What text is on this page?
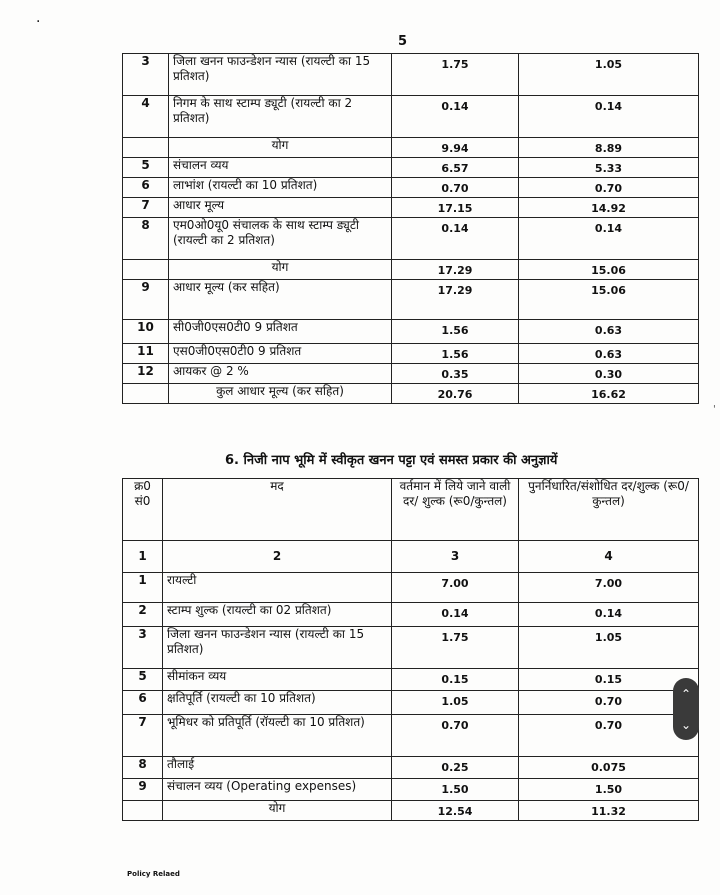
·
5
3	जिला खनन फाउन्डेशन न्यास (रायल्टी का 15 प्रतिशत)	1.75	1.05
4	निगम के साथ स्टाम्प ड्यूटी (रायल्टी का 2 प्रतिशत)	0.14	0.14
	योग	9.94	8.89
5	संचालन व्यय	6.57	5.33
6	लाभांश (रायल्टी का 10 प्रतिशत)	0.70	0.70
7	आधार मूल्य	17.15	14.92
8	एम0ओ0यू0 संचालक के साथ स्टाम्प ड्यूटी (रायल्टी का 2 प्रतिशत)	0.14	0.14
	योग	17.29	15.06
9	आधार मूल्य (कर सहित)	17.29	15.06
10	सी0जी0एस0टी0 9 प्रतिशत	1.56	0.63
11	एस0जी0एस0टी0 9 प्रतिशत	1.56	0.63
12	आयकर @ 2 %	0.35	0.30
	कुल आधार मूल्य (कर सहित)	20.76	16.62
6. निजी नाप भूमि में स्वीकृत खनन पट्टा एवं समस्त प्रकार की अनुज्ञायें
क्र0 सं0	मद	वर्तमान में लिये जाने वाली दर/ शुल्क (रू0/कुन्तल)	पुनर्निधारित/संशोधित दर/शुल्क (रू0/कुन्तल)
1	2	3	4
1	रायल्टी	7.00	7.00
2	स्टाम्प शुल्क (रायल्टी का 02 प्रतिशत)	0.14	0.14
3	जिला खनन फाउन्डेशन न्यास (रायल्टी का 15 प्रतिशत)	1.75	1.05
5	सीमांकन व्यय	0.15	0.15
6	क्षतिपूर्ति (रायल्टी का 10 प्रतिशत)	1.05	0.70
7	भूमिधर को प्रतिपूर्ति (रॉयल्टी का 10 प्रतिशत)	0.70	0.70
8	तौलाई	0.25	0.075
9	संचालन व्यय (Operating expenses)	1.50	1.50
	योग	12.54	11.32
Policy Relaed
'
⌃
⌄
